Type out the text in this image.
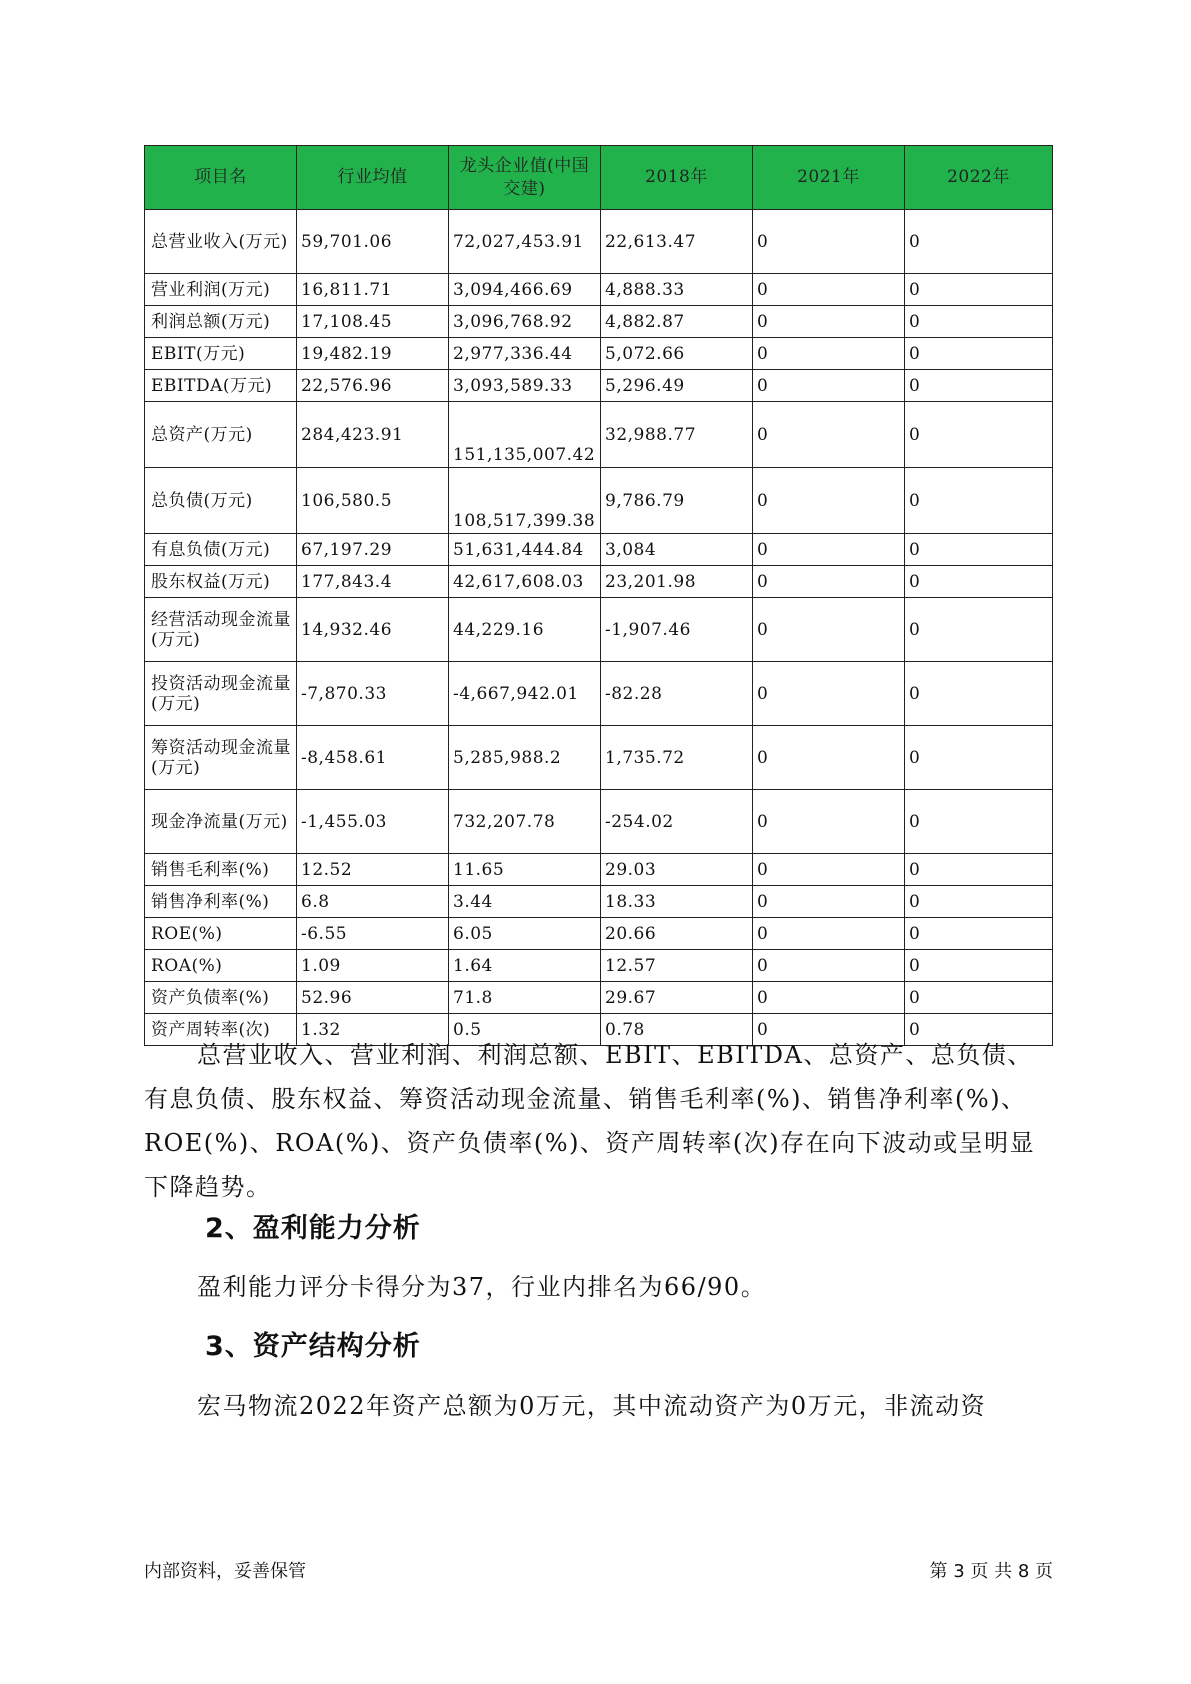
项目名	行业均值	龙头企业值(中国交建)	2018年	2021年	2022年
总营业收入(万元)	59,701.06	72,027,453.91	22,613.47	0	0
营业利润(万元)	16,811.71	3,094,466.69	4,888.33	0	0
利润总额(万元)	17,108.45	3,096,768.92	4,882.87	0	0
EBIT(万元)	19,482.19	2,977,336.44	5,072.66	0	0
EBITDA(万元)	22,576.96	3,093,589.33	5,296.49	0	0
总资产(万元)	284,423.91	151,135,007.42	32,988.77	0	0
总负债(万元)	106,580.5	108,517,399.38	9,786.79	0	0
有息负债(万元)	67,197.29	51,631,444.84	3,084	0	0
股东权益(万元)	177,843.4	42,617,608.03	23,201.98	0	0
经营活动现金流量(万元)	14,932.46	44,229.16	-1,907.46	0	0
投资活动现金流量(万元)	-7,870.33	-4,667,942.01	-82.28	0	0
筹资活动现金流量(万元)	-8,458.61	5,285,988.2	1,735.72	0	0
现金净流量(万元)	-1,455.03	732,207.78	-254.02	0	0
销售毛利率(%)	12.52	11.65	29.03	0	0
销售净利率(%)	6.8	3.44	18.33	0	0
ROE(%)	-6.55	6.05	20.66	0	0
ROA(%)	1.09	1.64	12.57	0	0
资产负债率(%)	52.96	71.8	29.67	0	0
资产周转率(次)	1.32	0.5	0.78	0	0

总营业收入、营业利润、利润总额、EBIT、EBITDA、总资产、总负债、有息负债、股东权益、筹资活动现金流量、销售毛利率(%)、销售净利率(%)、ROE(%)、ROA(%)、资产负债率(%)、资产周转率(次)存在向下波动或呈明显下降趋势。

2、盈利能力分析

盈利能力评分卡得分为37，行业内排名为66/90。

3、资产结构分析

宏马物流2022年资产总额为0万元，其中流动资产为0万元，非流动资

内部资料，妥善保管	第 3 页 共 8 页
